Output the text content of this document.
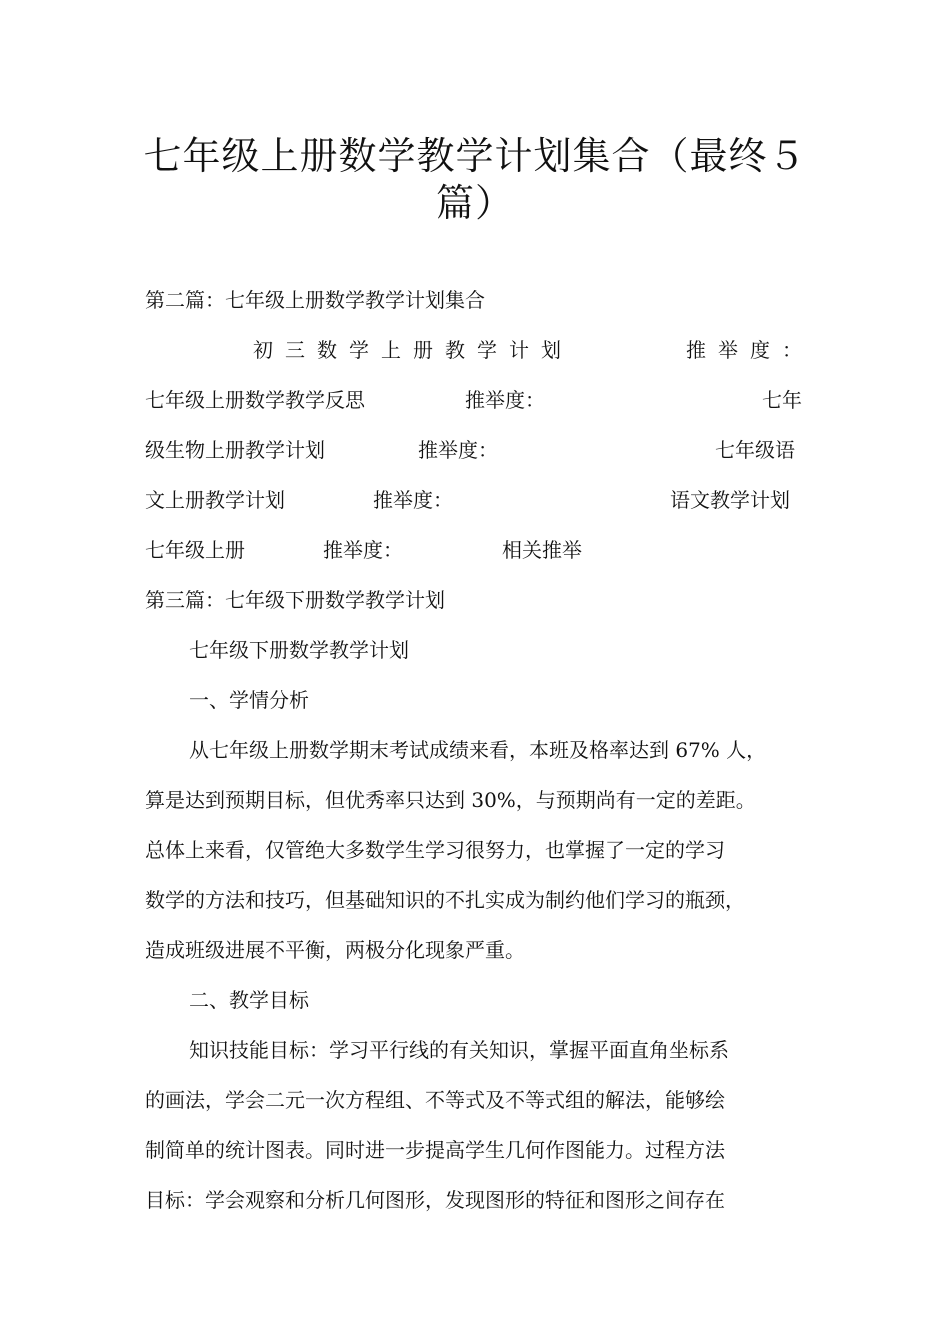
七年级上册数学教学计划集合（最终５
篇）
第二篇：七年级上册数学教学计划集合
初三数学上册教学计划	推举度：
七年级上册数学教学反思	推举度：	七年
级生物上册教学计划	推举度：	七年级语
文上册教学计划	推举度：	语文教学计划
七年级上册	推举度：	相关推举
第三篇：七年级下册数学教学计划
七年级下册数学教学计划
一、学情分析
从七年级上册数学期末考试成绩来看，本班及格率达到 67% 人，
算是达到预期目标，但优秀率只达到 30%，与预期尚有一定的差距。
总体上来看，仅管绝大多数学生学习很努力，也掌握了一定的学习
数学的方法和技巧，但基础知识的不扎实成为制约他们学习的瓶颈，
造成班级进展不平衡，两极分化现象严重。
二、教学目标
知识技能目标：学习平行线的有关知识，掌握平面直角坐标系
的画法，学会二元一次方程组、不等式及不等式组的解法，能够绘
制简单的统计图表。同时进一步提高学生几何作图能力。过程方法
目标：学会观察和分析几何图形，发现图形的特征和图形之间存在
